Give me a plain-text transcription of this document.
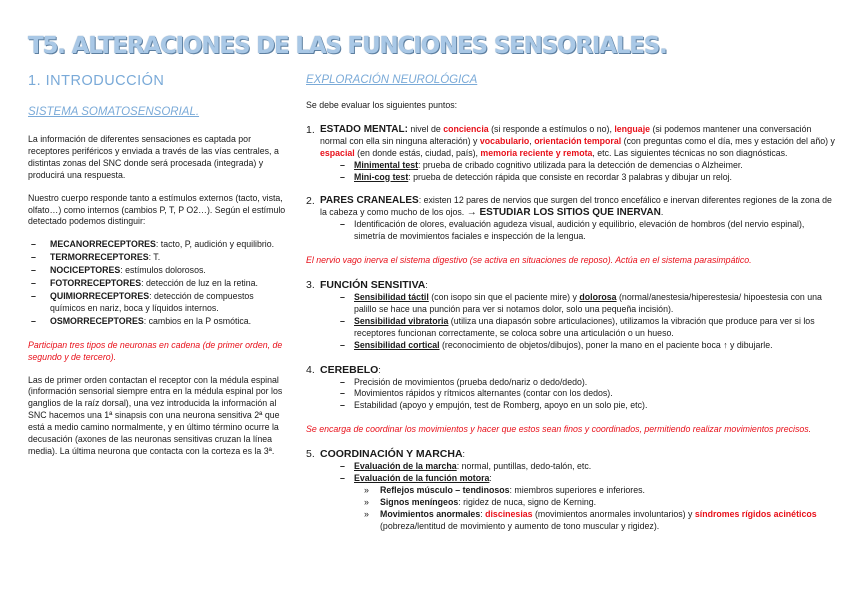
T5. ALTERACIONES DE LAS FUNCIONES SENSORIALES.
1. INTRODUCCIÓN
SISTEMA SOMATOSENSORIAL.
La información de diferentes sensaciones es captada por receptores periféricos y enviada a través de las vías centrales, a distintas zonas del SNC donde será procesada (integrada) y producirá una respuesta.
Nuestro cuerpo responde tanto a estímulos externos (tacto, vista, olfato…) como internos (cambios P, T, P O2…). Según el estímulo detectado podemos distinguir:
– MECANORRECEPTORES: tacto, P, audición y equilibrio.
– TERMORRECEPTORES: T.
– NOCICEPTORES: estímulos dolorosos.
– FOTORRECEPTORES: detección de luz en la retina.
– QUIMIORRECEPTORES: detección de compuestos químicos en nariz, boca y líquidos internos.
– OSMORRECEPTORES: cambios en la P osmótica.
Participan tres tipos de neuronas en cadena (de primer orden, de segundo y de tercero).
Las de primer orden contactan el receptor con la médula espinal (información sensorial siempre entra en la médula espinal por los ganglios de la raíz dorsal), una vez introducida la información al SNC hacemos una 1ª sinapsis con una neurona sensitiva 2ª que está a medio camino normalmente, y en último término ocurre la decusación (axones de las neuronas sensitivas cruzan la línea media). La última neurona que contacta con la corteza es la 3ª.
EXPLORACIÓN NEUROLÓGICA
Se debe evaluar los siguientes puntos:
1. ESTADO MENTAL: nivel de conciencia (si responde a estímulos o no), lenguaje (si podemos mantener una conversación normal con ella sin ninguna alteración) y vocabulario, orientación temporal (con preguntas como el día, mes y estación del año) y espacial (en donde estás, ciudad, país), memoria reciente y remota, etc. Las siguientes técnicas no son diagnósticas.
– Minimental test: prueba de cribado cognitivo utilizada para la detección de demencias o Alzheimer.
– Mini-cog test: prueba de detección rápida que consiste en recordar 3 palabras y dibujar un reloj.
2. PARES CRANEALES: existen 12 pares de nervios que surgen del tronco encefálico e inervan diferentes regiones de la zona de la cabeza y como mucho de los ojos. → ESTUDIAR LOS SITIOS QUE INERVAN.
– Identificación de olores, evaluación agudeza visual, audición y equilibrio, elevación de hombros (del nervio espinal), simetría de movimientos faciales e inspección de la lengua.
El nervio vago inerva el sistema digestivo (se activa en situaciones de reposo). Actúa en el sistema parasimpático.
3. FUNCIÓN SENSITIVA:
– Sensibilidad táctil (con isopo sin que el paciente mire) y dolorosa (normal/anestesia/hiperestesia/ hipoestesia con una palillo se hace una punción para ver si notamos dolor, solo una pequeña incisión).
– Sensibilidad vibratoria (utiliza una diapasón sobre articulaciones), utilizamos la vibración que produce para ver si los receptores funcionan correctamente, se coloca sobre una articulación o un hueso.
– Sensibilidad cortical (reconocimiento de objetos/dibujos), poner la mano en el paciente boca ↑ y dibujarle.
4. CEREBELO:
– Precisión de movimientos (prueba dedo/nariz o dedo/dedo).
– Movimientos rápidos y rítmicos alternantes (contar con los dedos).
– Estabilidad (apoyo y empujón, test de Romberg, apoyo en un solo pie, etc).
Se encarga de coordinar los movimientos y hacer que estos sean finos y coordinados, permitiendo realizar movimientos precisos.
5. COORDINACIÓN Y MARCHA:
– Evaluación de la marcha: normal, puntillas, dedo-talón, etc.
– Evaluación de la función motora:
» Reflejos músculo – tendinosos: miembros superiores e inferiores.
» Signos meníngeos: rigidez de nuca, signo de Kerning.
» Movimientos anormales: discinesias (movimientos anormales involuntarios) y síndromes rígidos acinéticos (pobreza/lentitud de movimiento y aumento de tono muscular y rigidez).
